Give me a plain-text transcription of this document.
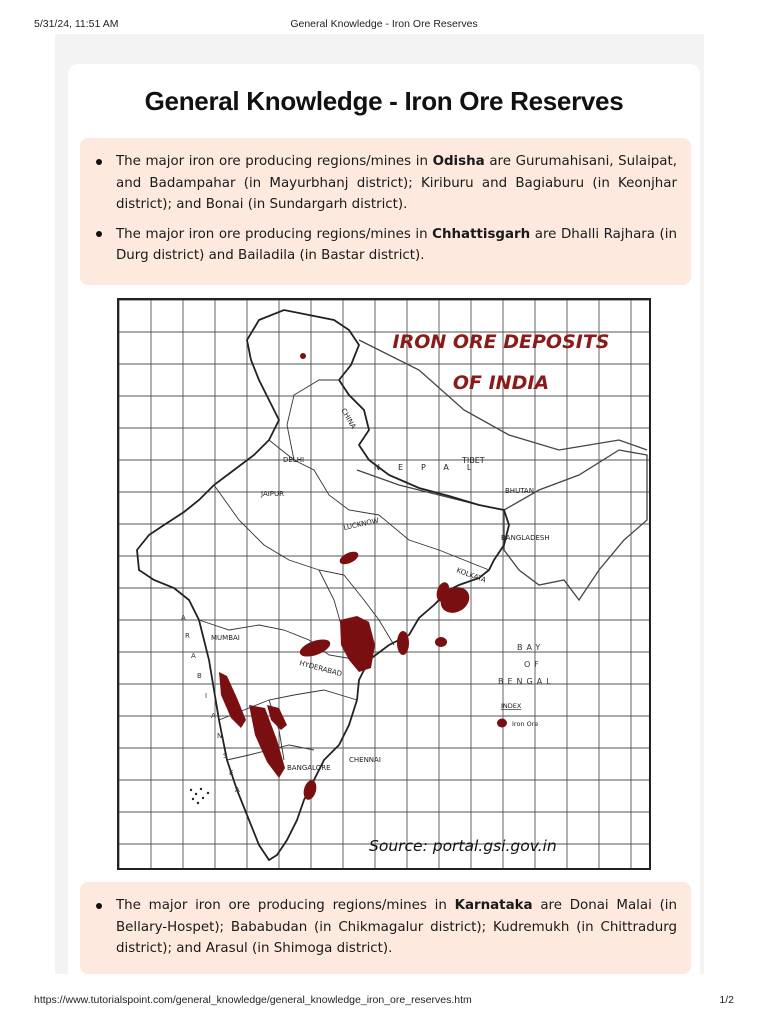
5/31/24, 11:51 AM	General Knowledge - Iron Ore Reserves
General Knowledge - Iron Ore Reserves
The major iron ore producing regions/mines in Odisha are Gurumahisani, Sulaipat, and Badampahar (in Mayurbhanj district); Kiriburu and Bagiaburu (in Keonjhar district); and Bonai (in Sundargarh district).
The major iron ore producing regions/mines in Chhattisgarh are Dhalli Rajhara (in Durg district) and Bailadila (in Bastar district).
IRON ORE DEPOSITS
OF INDIA
CHINA
TIBET
NEPAL
BHUTAN
BANGLADESH
DELHI
JAIPUR
LUCKNOW
KOLKATA
MUMBAI
HYDERABAD
CHENNAI
BANGALORE
A
R
A
B
I
A
N
S
E
A
BAY
OF
BENGAL
INDEX
Iron Ore
Source: portal.gsi.gov.in
The major iron ore producing regions/mines in Karnataka are Donai Malai (in Bellary-Hospet); Bababudan (in Chikmagalur district); Kudremukh (in Chittradurg district); and Arasul (in Shimoga district).
https://www.tutorialspoint.com/general_knowledge/general_knowledge_iron_ore_reserves.htm	1/2
